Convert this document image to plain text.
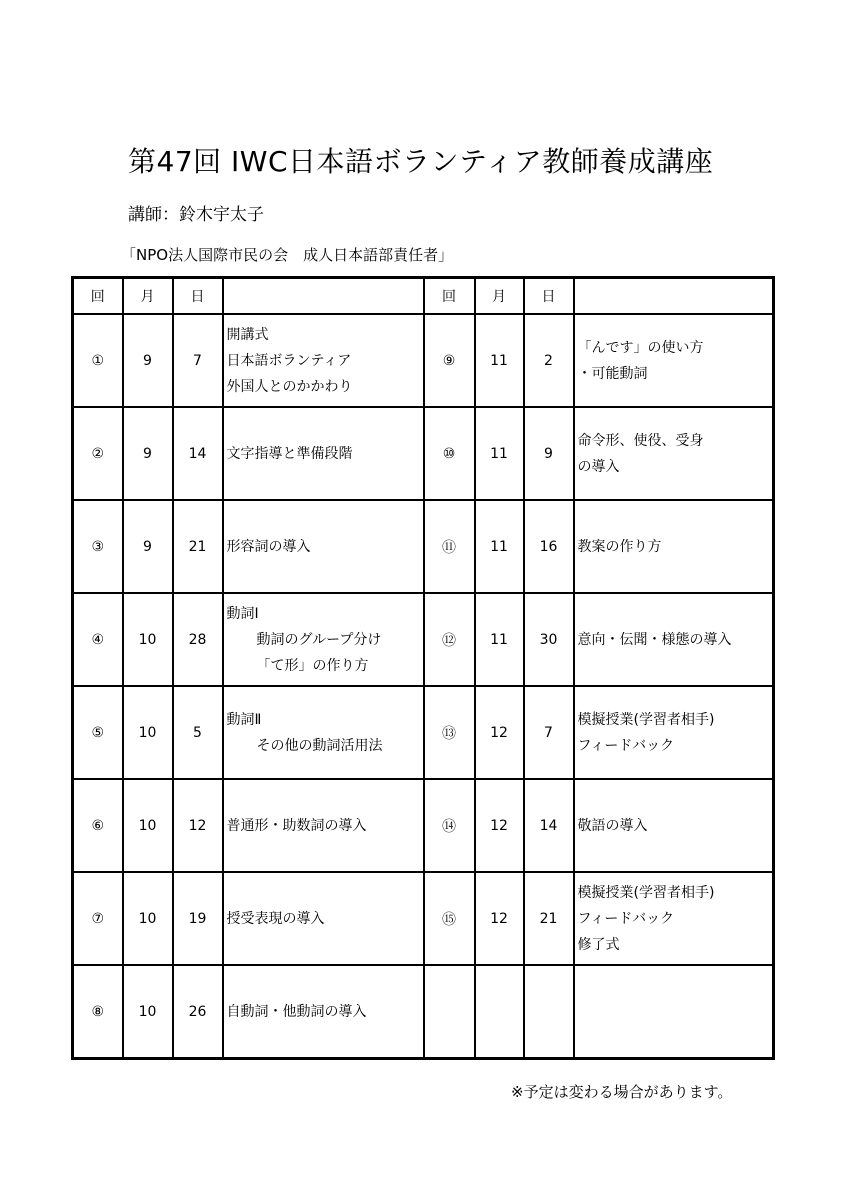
第47回 IWC日本語ボランティア教師養成講座
講師：鈴木宇太子
「NPO法人国際市民の会　成人日本語部責任者」
回	月	日		回	月	日	
①	9	7	開講式
日本語ボランティア
外国人とのかかわり	⑨	11	2	「んです」の使い方
・可能動詞

②	9	14	文字指導と準備段階	⑩	11	9	命令形、使役、受身
の導入

③	9	21	形容詞の導入	⑪	11	16	教案の作り方

④	10	28	動詞Ⅰ
動詞のグループ分け
「て形」の作り方	⑫	11	30	意向・伝聞・様態の導入

⑤	10	5	動詞Ⅱ
その他の動詞活用法	⑬	12	7	模擬授業(学習者相手)
フィードバック

⑥	10	12	普通形・助数詞の導入	⑭	12	14	敬語の導入

⑦	10	19	授受表現の導入	⑮	12	21	模擬授業(学習者相手)
フィードバック
修了式

⑧	10	26	自動詞・他動詞の導入				

※予定は変わる場合があります。
